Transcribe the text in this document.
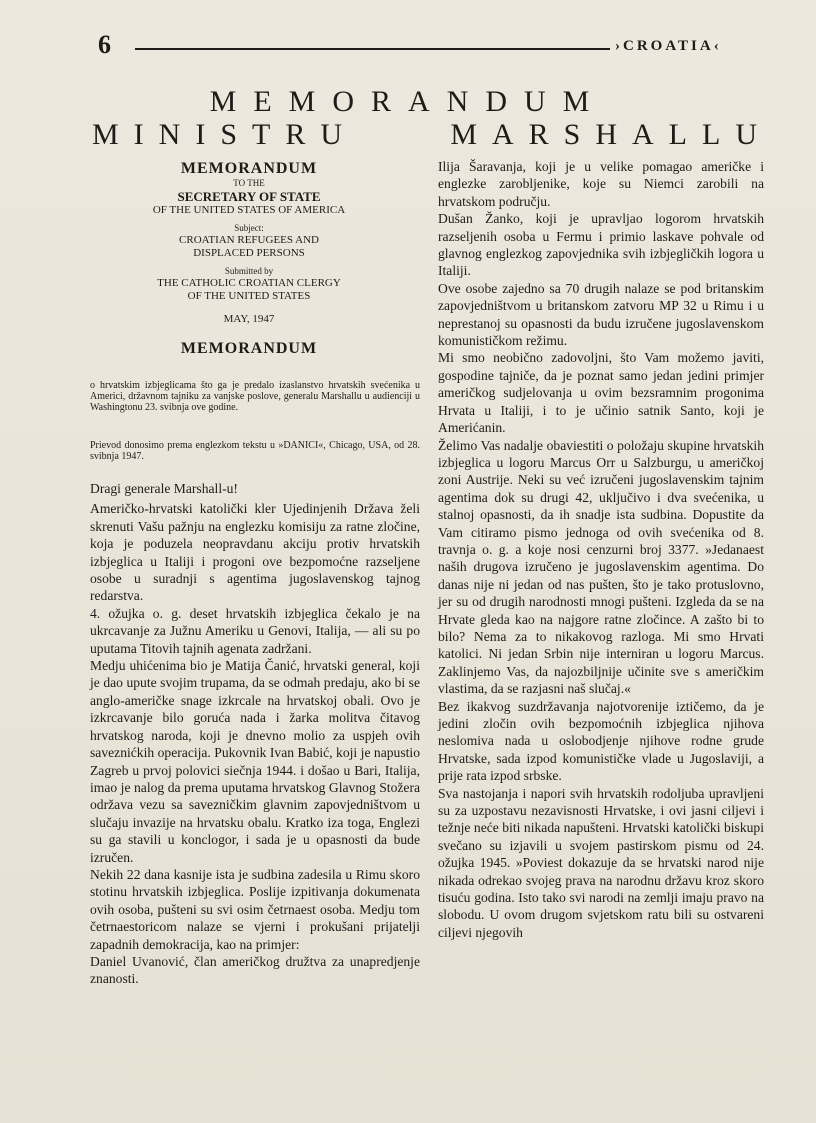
6	›CROATIA‹
MEMORANDUM
MINISTRU	MARSHALLU
MEMORANDUM
TO THE
SECRETARY OF STATE
OF THE UNITED STATES OF AMERICA
Subject:
CROATIAN REFUGEES AND
DISPLACED PERSONS
Submitted by
THE CATHOLIC CROATIAN CLERGY
OF THE UNITED STATES
MAY, 1947
MEMORANDUM
o hrvatskim izbjeglicama što ga je predalo izaslanstvo hrvatskih svećenika u Americi, državnom tajniku za vanjske poslove, generalu Marshallu u audienciji u Washingtonu 23. svibnja ove godine.
Prievod donosimo prema englezkom tekstu u »DANICI«, Chicago, USA, od 28. svibnja 1947.

Dragi generale Marshall-u!

Američko-hrvatski katolički kler Ujedinjenih Država želi skrenuti Vašu pažnju na englezku komisiju za ratne zločine, koja je poduzela neopravdanu akciju protiv hrvatskih izbjeglica u Italiji i progoni ove bezpomoćne razseljene osobe u suradnji s agentima jugoslavenskog tajnog redarstva.

4. ožujka o. g. deset hrvatskih izbjeglica čekalo je na ukrcavanje za Južnu Ameriku u Genovi, Italija, — ali su po uputama Titovih tajnih agenata zadržani.

Medju uhićenima bio je Matija Čanić, hrvatski general, koji je dao upute svojim trupama, da se odmah predaju, ako bi se anglo-američke snage izkrcale na hrvatskoj obali. Ovo je izkrcavanje bilo goruća nada i žarka molitva čitavog hrvatskog naroda, koji je dnevno molio za uspjeh ovih saveznićkih operacija. Pukovnik Ivan Babić, koji je napustio Zagreb u prvoj polovici siečnja 1944. i došao u Bari, Italija, imao je nalog da prema uputama hrvatskog Glavnog Stožera održava vezu sa savezničkim glavnim zapovjedništvom u slučaju invazije na hrvatsku obalu. Kratko iza toga, Englezi su ga stavili u konclogor, i sada je u opasnosti da bude izručen.

Nekih 22 dana kasnije ista je sudbina zadesila u Rimu skoro stotinu hrvatskih izbjeglica. Poslije izpitivanja dokumenata ovih osoba, pušteni su svi osim četrnaest osoba. Medju tom četrnaestoricom nalaze se vjerni i prokušani prijatelji zapadnih demokracija, kao na primjer:

Daniel Uvanović, član američkog družtva za unapredjenje znanosti.

Ilija Šaravanja, koji je u velike pomagao američke i englezke zarobljenike, koje su Niemci zarobili na hrvatskom području.

Dušan Žanko, koji je upravljao logorom hrvatskih razseljenih osoba u Fermu i primio laskave pohvale od glavnog englezkog zapovjednika svih izbjegličkih logora u Italiji.

Ove osobe zajedno sa 70 drugih nalaze se pod britanskim zapovjedništvom u britanskom zatvoru MP 32 u Rimu i u neprestanoj su opasnosti da budu izručene jugoslavenskom komunističkom režimu.

Mi smo neobično zadovoljni, što Vam možemo javiti, gospodine tajniče, da je poznat samo jedan jedini primjer američkog sudjelovanja u ovim bezsramnim progonima Hrvata u Italiji, i to je učinio satnik Santo, koji je Amerićanin.

Želimo Vas nadalje obaviestiti o položaju skupine hrvatskih izbjeglica u logoru Marcus Orr u Salzburgu, u američkoj zoni Austrije. Neki su već izručeni jugoslavenskim tajnim agentima dok su drugi 42, uključivo i dva svećenika, u stalnoj opasnosti, da ih snadje ista sudbina. Dopustite da Vam citiramo pismo jednoga od ovih svećenika od 8. travnja o. g. a koje nosi cenzurni broj 3377. »Jedanaest naših drugova izručeno je jugoslavenskim agentima. Do danas nije ni jedan od nas pušten, što je tako protuslovno, jer su od drugih narodnosti mnogi pušteni. Izgleda da se na Hrvate gleda kao na najgore ratne zločince. A zašto bi to bilo? Nema za to nikakovog razloga. Mi smo Hrvati katolici. Ni jedan Srbin nije interniran u logoru Marcus. Zaklinjemo Vas, da najozbiljnije učinite sve s američkim vlastima, da se razjasni naš slučaj.«

Bez ikakvog suzdržavanja najotvorenije iztičemo, da je jedini zločin ovih bezpomoćnih izbjeglica njihova neslomiva nada u oslobodjenje njihove rodne grude Hrvatske, sada izpod komunističke vlade u Jugoslaviji, a prije rata izpod srbske.

Sva nastojanja i napori svih hrvatskih rodoljuba upravljeni su za uzpostavu nezavisnosti Hrvatske, i ovi jasni ciljevi i težnje neće biti nikada napušteni. Hrvatski katolički biskupi svečano su izjavili u svojem pastirskom pismu od 24. ožujka 1945. »Poviest dokazuje da se hrvatski narod nije nikada odrekao svojeg prava na narodnu državu kroz skoro tisuću godina. Isto tako svi narodi na zemlji imaju pravo na slobodu. U ovom drugom svjetskom ratu bili su ostvareni ciljevi njegovih
